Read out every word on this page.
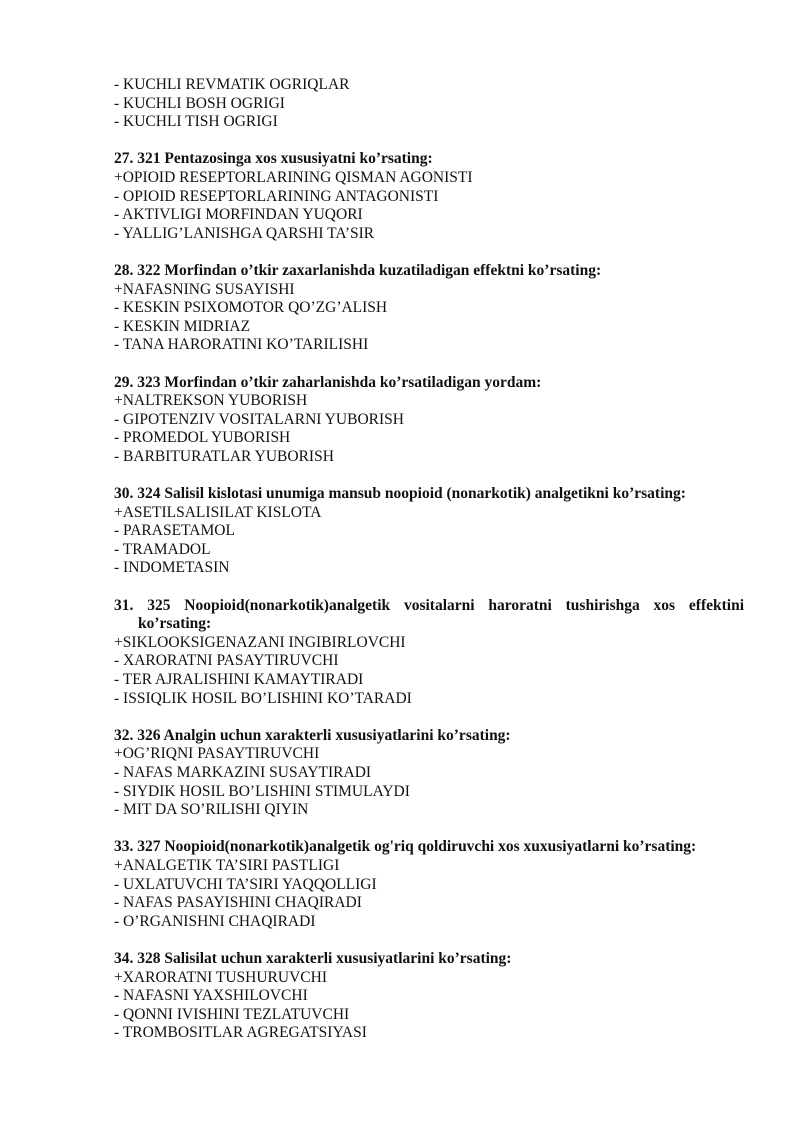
- KUCHLI REVMATIK OGRIQLAR
- KUCHLI BOSH OGRIGI
- KUCHLI TISH OGRIGI
27. 321 Pentazosinga xos xususiyatni ko’rsating:
+OPIOID RESEPTORLARINING QISMAN AGONISTI
- OPIOID RESEPTORLARINING ANTAGONISTI
- AKTIVLIGI MORFINDAN YUQORI
- YALLIG’LANISHGA QARSHI TA’SIR
28. 322 Morfindan o’tkir zaxarlanishda kuzatiladigan effektni ko’rsating:
+NAFASNING SUSAYISHI
- KESKIN PSIXOMOTOR QO’ZG’ALISH
- KESKIN MIDRIAZ
- TANA HARORATINI KO’TARILISHI
29. 323 Morfindan o’tkir zaharlanishda ko’rsatiladigan yordam:
+NALTREKSON YUBORISH
- GIPOTENZIV VOSITALARNI YUBORISH
- PROMEDOL YUBORISH
- BARBITURATLAR YUBORISH
30. 324 Salisil kislotasi unumiga mansub noopioid (nonarkotik) analgetikni ko’rsating:
+ASETILSALISILAT KISLOTA
- PARASETAMOL
- TRAMADOL
- INDOMETASIN
31. 325 Noopioid(nonarkotik)analgetik vositalarni haroratni tushirishga xos effektini
ko’rsating:
+SIKLOOKSIGENAZANI INGIBIRLOVCHI
- XARORATNI PASAYTIRUVCHI
- TER AJRALISHINI KAMAYTIRADI
- ISSIQLIK HOSIL BO’LISHINI KO’TARADI
32. 326 Analgin uchun xarakterli xususiyatlarini ko’rsating:
+OG’RIQNI PASAYTIRUVCHI
- NAFAS MARKAZINI SUSAYTIRADI
- SIYDIK HOSIL BO’LISHINI STIMULAYDI
- MIT DA SO’RILISHI QIYIN
33. 327 Noopioid(nonarkotik)analgetik og'riq qoldiruvchi xos xuxusiyatlarni ko’rsating:
+ANALGETIK TA’SIRI PASTLIGI
- UXLATUVCHI TA’SIRI YAQQOLLIGI
- NAFAS PASAYISHINI CHAQIRADI
- O’RGANISHNI CHAQIRADI
34. 328 Salisilat uchun xarakterli xususiyatlarini ko’rsating:
+XARORATNI TUSHURUVCHI
- NAFASNI YAXSHILOVCHI
- QONNI IVISHINI TEZLATUVCHI
- TROMBOSITLAR AGREGATSIYASI
